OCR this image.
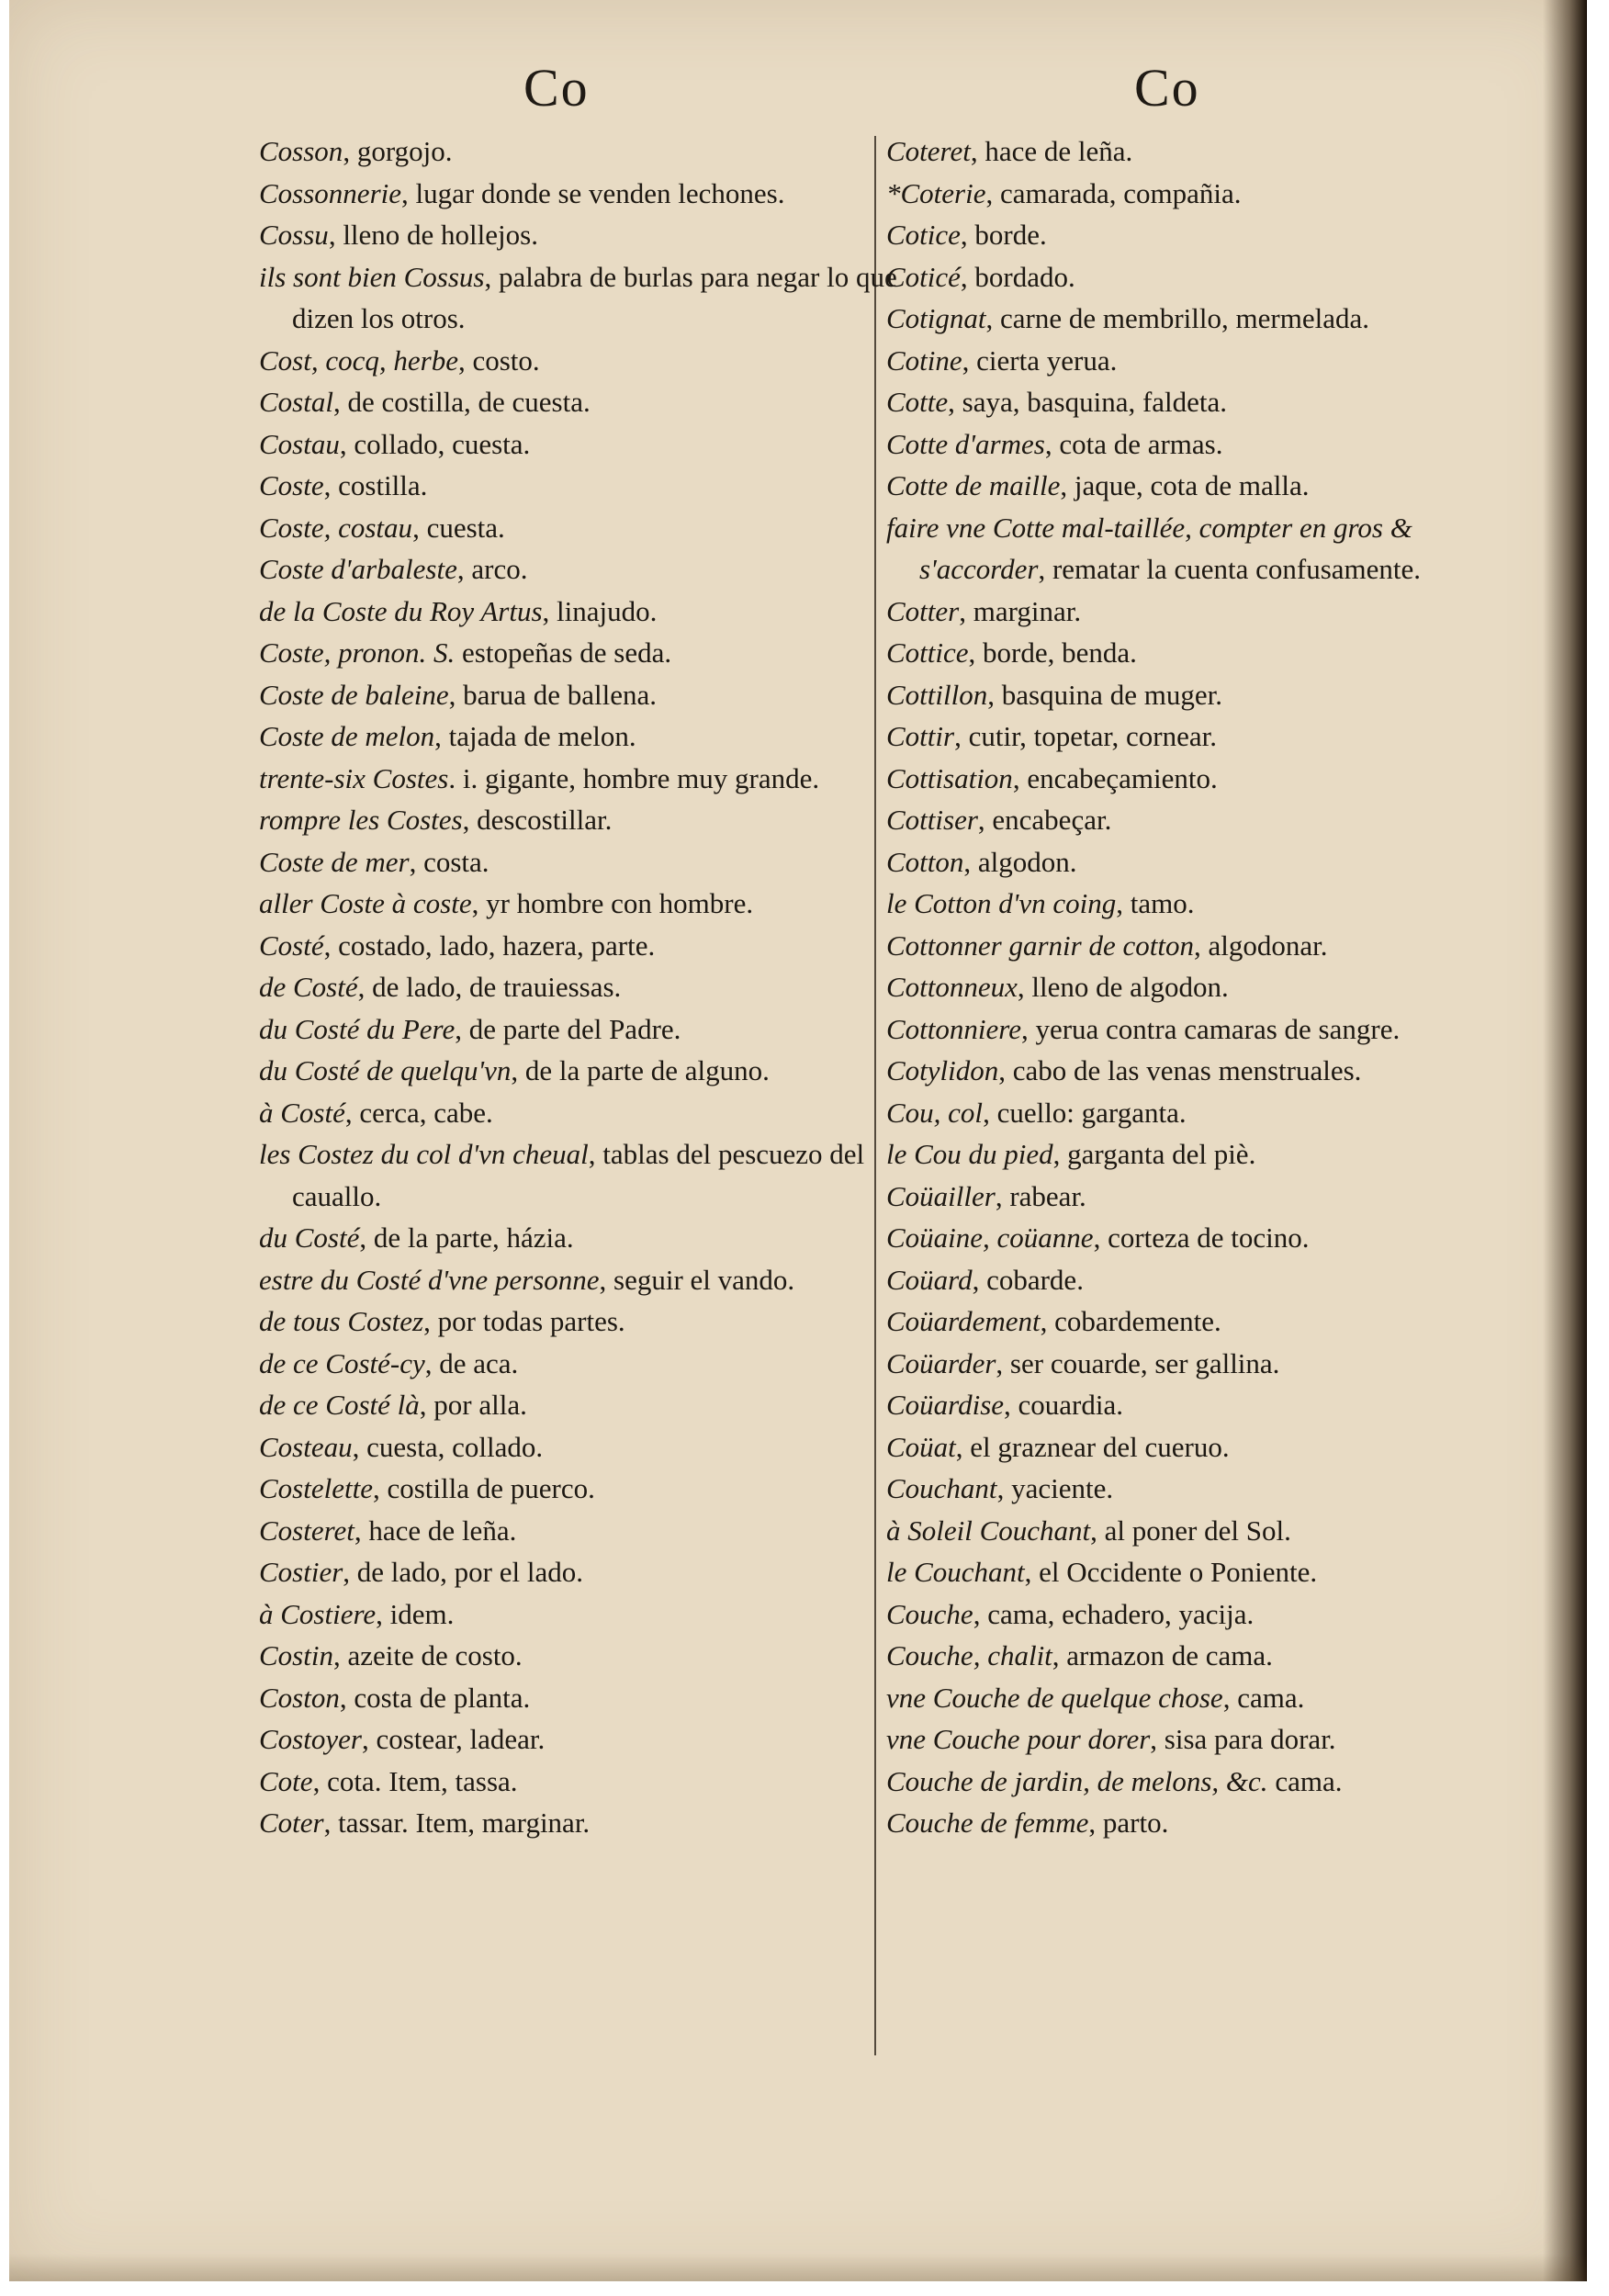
Co	Co
Cosson, gorgojo.
Cossonnerie, lugar donde se venden lechones.
Cossu, lleno de hollejos.
ils sont bien Cossus, palabra de burlas para negar lo que dizen los otros.
Cost, cocq, herbe, costo.
Costal, de costilla, de cuesta.
Costau, collado, cuesta.
Coste, costilla.
Coste, costau, cuesta.
Coste d'arbaleste, arco.
de la Coste du Roy Artus, linajudo.
Coste, pronon. S. estopeñas de seda.
Coste de baleine, barua de ballena.
Coste de melon, tajada de melon.
trente-six Costes. i. gigante, hombre muy grande.
rompre les Costes, descostillar.
Coste de mer, costa.
aller Coste à coste, yr hombre con hombre.
Costé, costado, lado, hazera, parte.
de Costé, de lado, de trauiessas.
du Costé du Pere, de parte del Padre.
du Costé de quelqu'vn, de la parte de alguno.
à Costé, cerca, cabe.
les Costez du col d'vn cheual, tablas del pescuezo del cauallo.
du Costé, de la parte, házia.
estre du Costé d'vne personne, seguir el vando.
de tous Costez, por todas partes.
de ce Costé-cy, de aca.
de ce Costé là, por alla.
Costeau, cuesta, collado.
Costelette, costilla de puerco.
Costeret, hace de leña.
Costier, de lado, por el lado.
à Costiere, idem.
Costin, azeite de costo.
Coston, costa de planta.
Costoyer, costear, ladear.
Cote, cota. Item, tassa.
Coter, tassar. Item, marginar.
Coteret, hace de leña.
*Coterie, camarada, compañia.
Cotice, borde.
Coticé, bordado.
Cotignat, carne de membrillo, mermelada.
Cotine, cierta yerua.
Cotte, saya, basquina, faldeta.
Cotte d'armes, cota de armas.
Cotte de maille, jaque, cota de malla.
faire vne Cotte mal-taillée, compter en gros & s'accorder, rematar la cuenta confusamente.
Cotter, marginar.
Cottice, borde, benda.
Cottillon, basquina de muger.
Cottir, cutir, topetar, cornear.
Cottisation, encabeçamiento.
Cottiser, encabeçar.
Cotton, algodon.
le Cotton d'vn coing, tamo.
Cottonner garnir de cotton, algodonar.
Cottonneux, lleno de algodon.
Cottonniere, yerua contra camaras de sangre.
Cotylidon, cabo de las venas menstruales.
Cou, col, cuello: garganta.
le Cou du pied, garganta del piè.
Coüailler, rabear.
Coüaine, coüanne, corteza de tocino.
Coüard, cobarde.
Coüardement, cobardemente.
Coüarder, ser couarde, ser gallina.
Coüardise, couardia.
Coüat, el graznear del cueruo.
Couchant, yaciente.
à Soleil Couchant, al poner del Sol.
le Couchant, el Occidente o Poniente.
Couche, cama, echadero, yacija.
Couche, chalit, armazon de cama.
vne Couche de quelque chose, cama.
vne Couche pour dorer, sisa para dorar.
Couche de jardin, de melons, &c. cama.
Couche de femme, parto.
